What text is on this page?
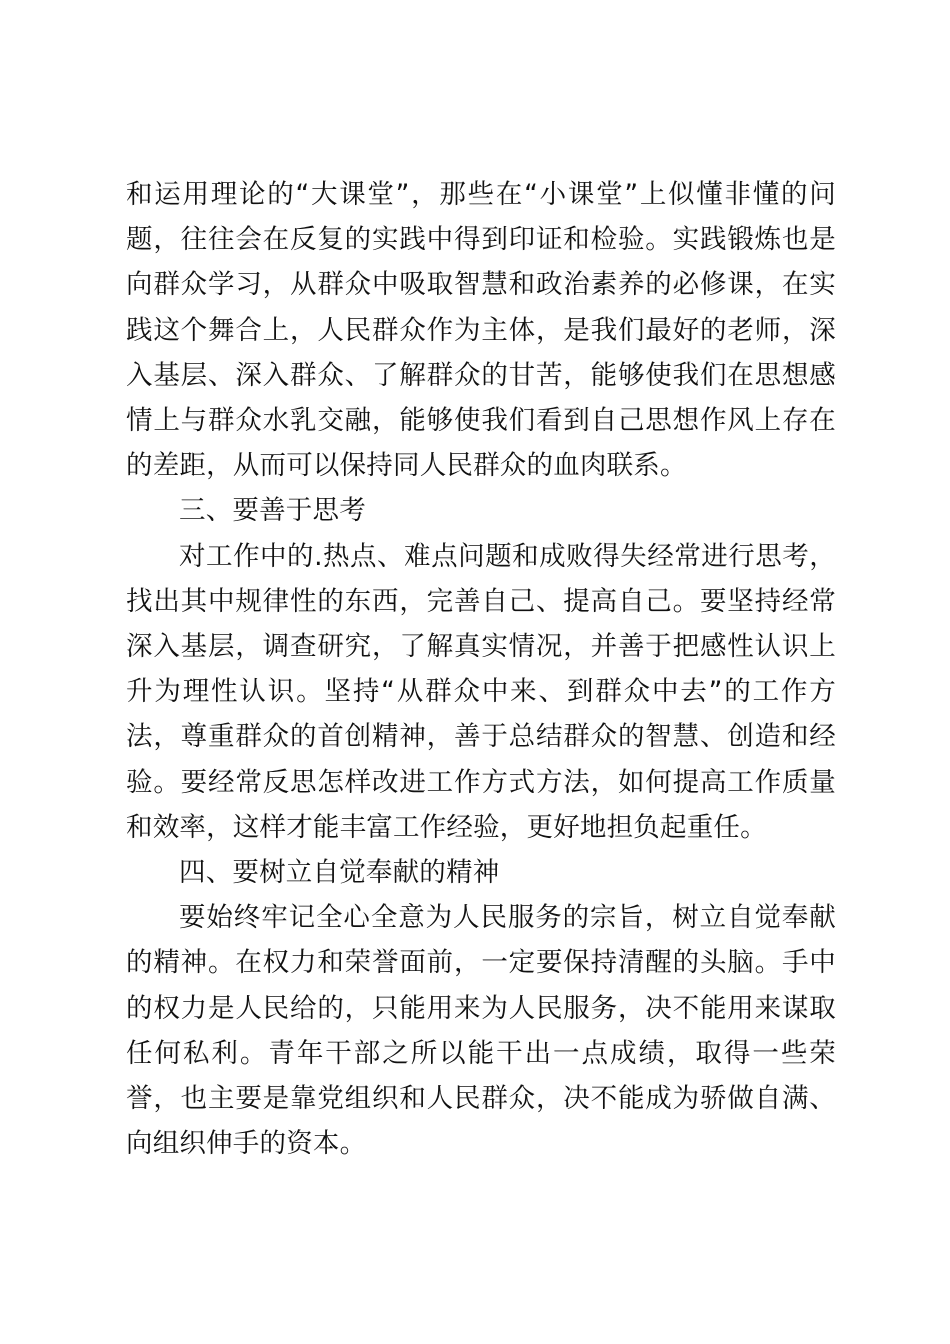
和运用理论的“大课堂”，那些在“小课堂”上似懂非懂的问题，往往会在反复的实践中得到印证和检验。实践锻炼也是向群众学习，从群众中吸取智慧和政治素养的必修课，在实践这个舞合上，人民群众作为主体，是我们最好的老师，深入基层、深入群众、了解群众的甘苦，能够使我们在思想感情上与群众水乳交融，能够使我们看到自己思想作风上存在的差距，从而可以保持同人民群众的血肉联系。

三、要善于思考

对工作中的.热点、难点问题和成败得失经常进行思考，找出其中规律性的东西，完善自己、提高自己。要坚持经常深入基层，调查研究，了解真实情况，并善于把感性认识上升为理性认识。坚持“从群众中来、到群众中去”的工作方法，尊重群众的首创精神，善于总结群众的智慧、创造和经验。要经常反思怎样改进工作方式方法，如何提高工作质量和效率，这样才能丰富工作经验，更好地担负起重任。

四、要树立自觉奉献的精神

要始终牢记全心全意为人民服务的宗旨，树立自觉奉献的精神。在权力和荣誉面前，一定要保持清醒的头脑。手中的权力是人民给的，只能用来为人民服务，决不能用来谋取任何私利。青年干部之所以能干出一点成绩，取得一些荣誉，也主要是靠党组织和人民群众，决不能成为骄做自满、向组织伸手的资本。
